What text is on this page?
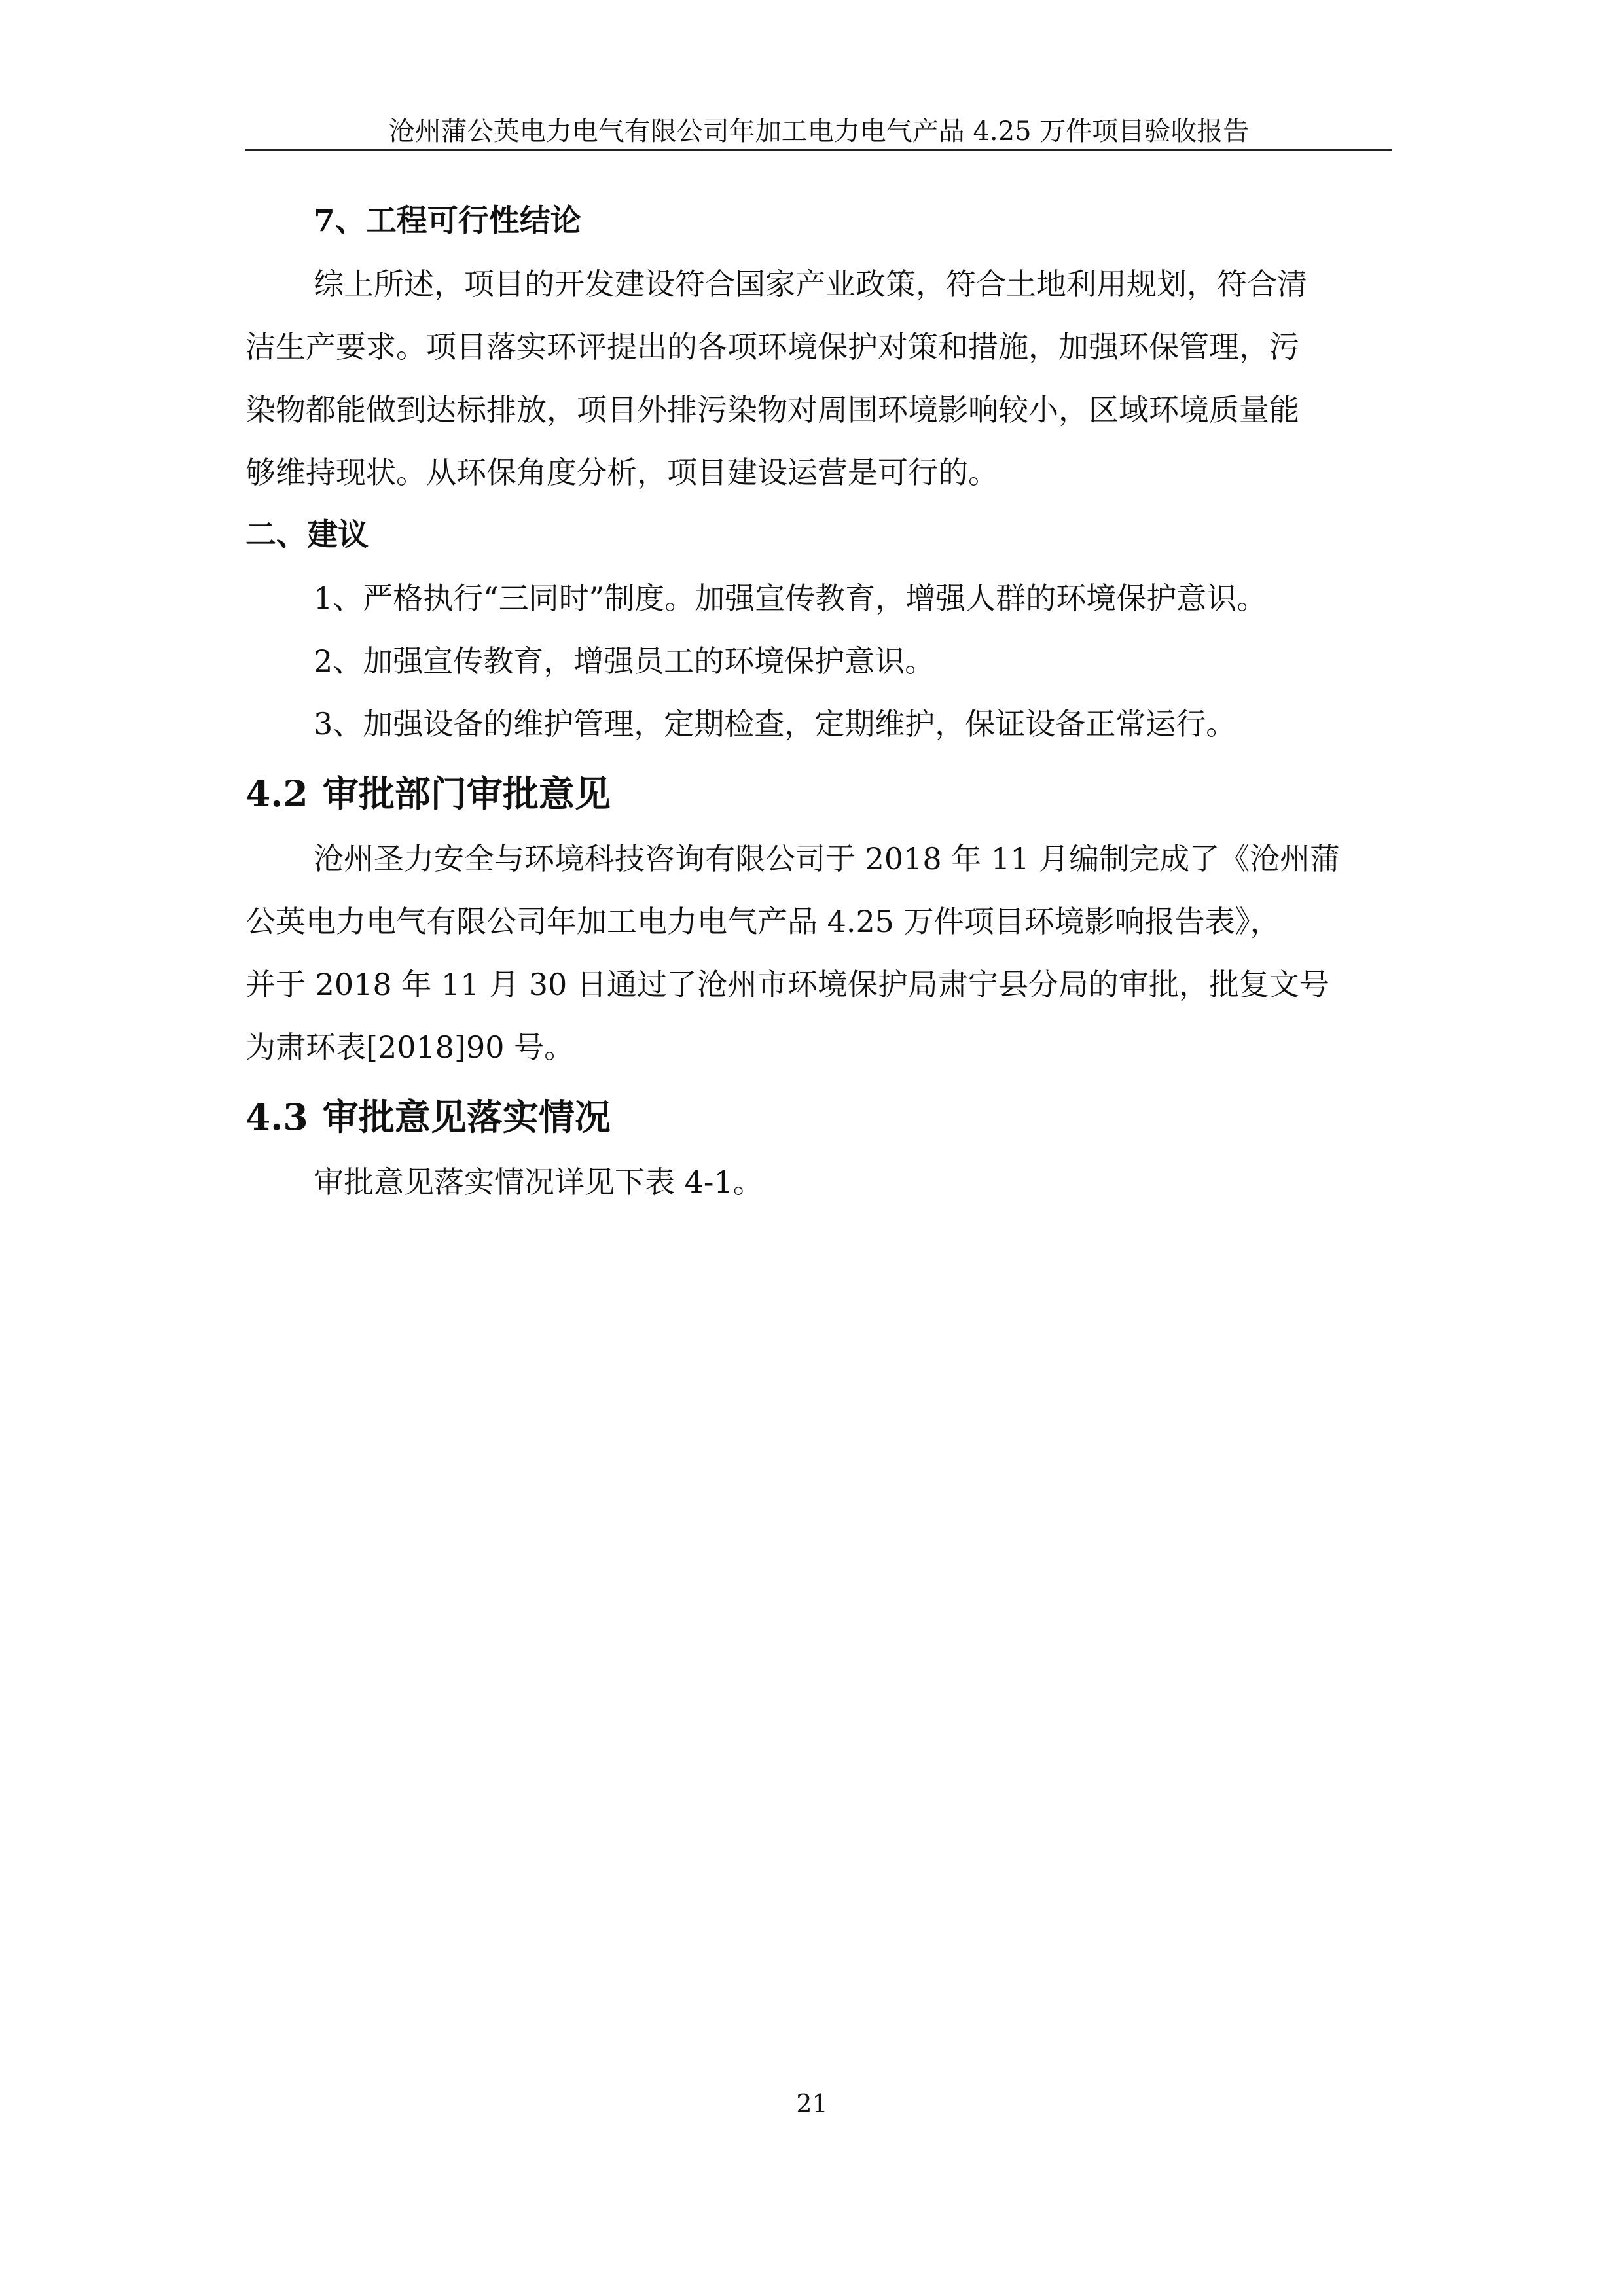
沧州蒲公英电力电气有限公司年加工电力电气产品 4.25 万件项目验收报告
7、工程可行性结论

综上所述，项目的开发建设符合国家产业政策，符合土地利用规划，符合清
洁生产要求。项目落实环评提出的各项环境保护对策和措施，加强环保管理，污
染物都能做到达标排放，项目外排污染物对周围环境影响较小，区域环境质量能
够维持现状。从环保角度分析，项目建设运营是可行的。

二、建议

1、严格执行“三同时”制度。加强宣传教育，增强人群的环境保护意识。

2、加强宣传教育，增强员工的环境保护意识。

3、加强设备的维护管理，定期检查，定期维护，保证设备正常运行。

4.2 审批部门审批意见

沧州圣力安全与环境科技咨询有限公司于 2018 年 11 月编制完成了《沧州蒲
公英电力电气有限公司年加工电力电气产品 4.25 万件项目环境影响报告表》，
并于 2018 年 11 月 30 日通过了沧州市环境保护局肃宁县分局的审批，批复文号
为肃环表[2018]90 号。

4.3 审批意见落实情况

审批意见落实情况详见下表 4-1。

21
